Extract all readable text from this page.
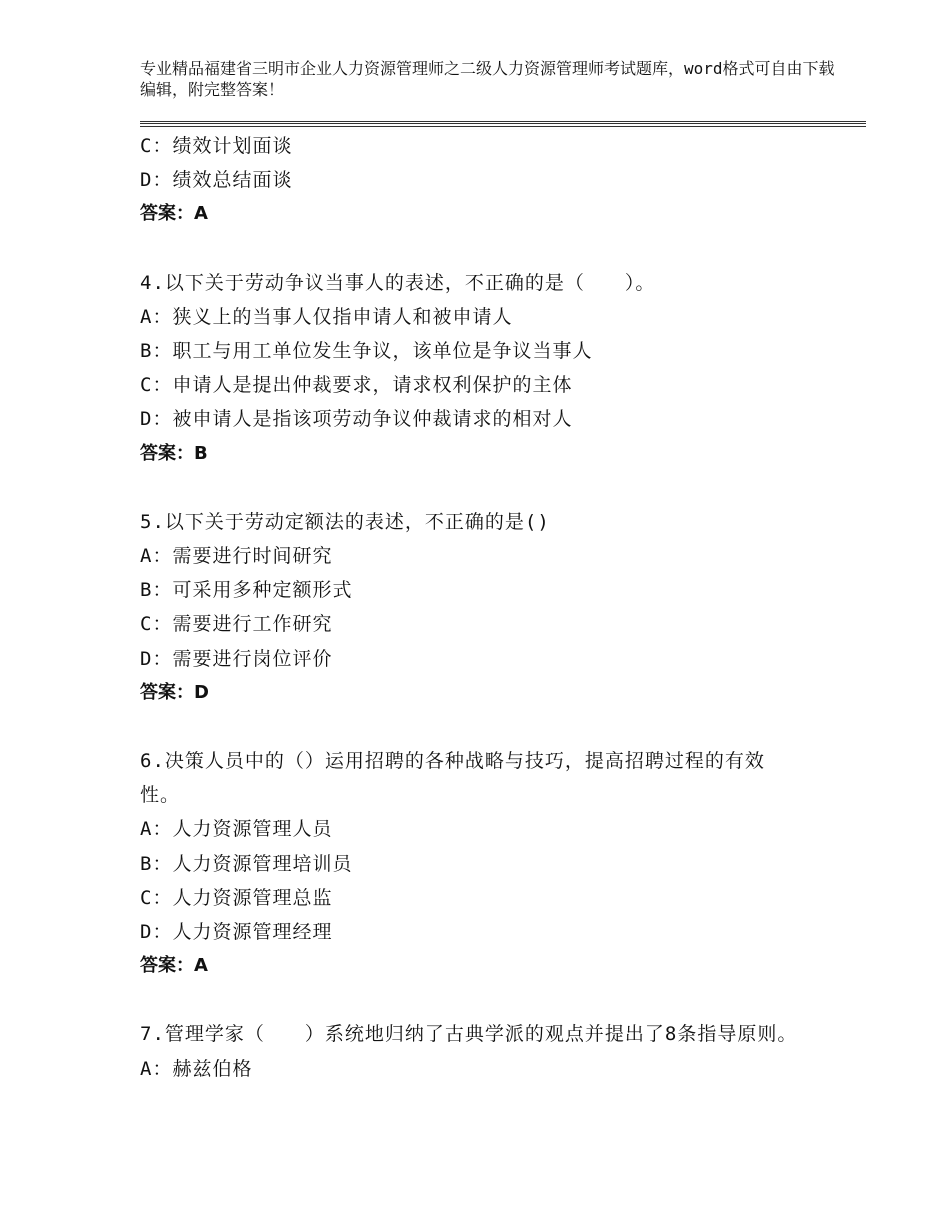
专业精品福建省三明市企业人力资源管理师之二级人力资源管理师考试题库，word格式可自由下载编辑，附完整答案！
C：绩效计划面谈
D：绩效总结面谈
答案：A
4.以下关于劳动争议当事人的表述，不正确的是（　　）。
A：狭义上的当事人仅指申请人和被申请人
B：职工与用工单位发生争议，该单位是争议当事人
C：申请人是提出仲裁要求，请求权利保护的主体
D：被申请人是指该项劳动争议仲裁请求的相对人
答案：B
5.以下关于劳动定额法的表述，不正确的是()
A：需要进行时间研究
B：可采用多种定额形式
C：需要进行工作研究
D：需要进行岗位评价
答案：D
6.决策人员中的（）运用招聘的各种战略与技巧，提高招聘过程的有效性。
A：人力资源管理人员
B：人力资源管理培训员
C：人力资源管理总监
D：人力资源管理经理
答案：A
7.管理学家（　　）系统地归纳了古典学派的观点并提出了8条指导原则。
A：赫兹伯格
